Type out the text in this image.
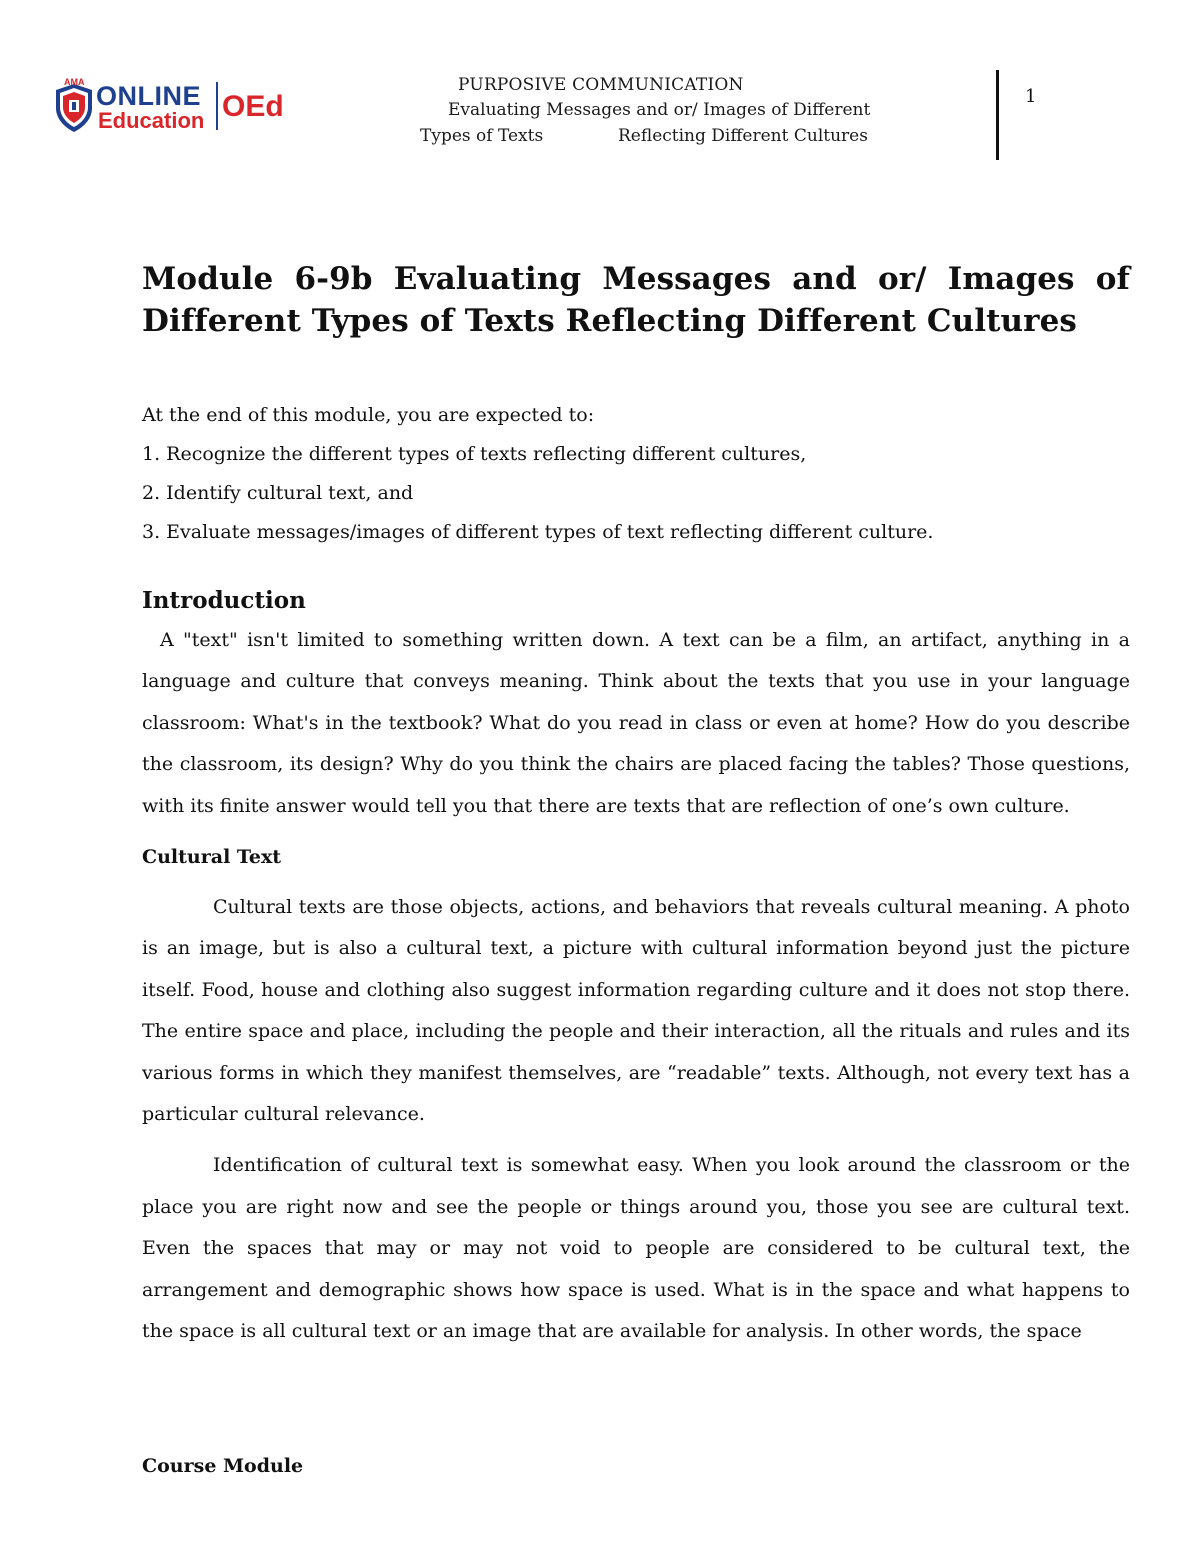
AMA ONLINE
Education OEd
PURPOSIVE COMMUNICATION
Evaluating Messages and or/ Images of Different
Types of Texts	Reflecting Different Cultures
1
Module 6-9b Evaluating Messages and or/ Images of Different Types of Texts Reflecting Different Cultures
At the end of this module, you are expected to:
1. Recognize the different types of texts reflecting different cultures,
2. Identify cultural text, and
3. Evaluate messages/images of different types of text reflecting different culture.
Introduction

A "text" isn't limited to something written down. A text can be a film, an artifact, anything in a language and culture that conveys meaning. Think about the texts that you use in your language classroom: What's in the textbook? What do you read in class or even at home? How do you describe the classroom, its design? Why do you think the chairs are placed facing the tables? Those questions, with its finite answer would tell you that there are texts that are reflection of one’s own culture.

Cultural Text

Cultural texts are those objects, actions, and behaviors that reveals cultural meaning. A photo is an image, but is also a cultural text, a picture with cultural information beyond just the picture itself. Food, house and clothing also suggest information regarding culture and it does not stop there. The entire space and place, including the people and their interaction, all the rituals and rules and its various forms in which they manifest themselves, are “readable” texts. Although, not every text has a particular cultural relevance.

Identification of cultural text is somewhat easy. When you look around the classroom or the place you are right now and see the people or things around you, those you see are cultural text. Even the spaces that may or may not void to people are considered to be cultural text, the arrangement and demographic shows how space is used. What is in the space and what happens to the space is all cultural text or an image that are available for analysis. In other words, the space

Course Module
